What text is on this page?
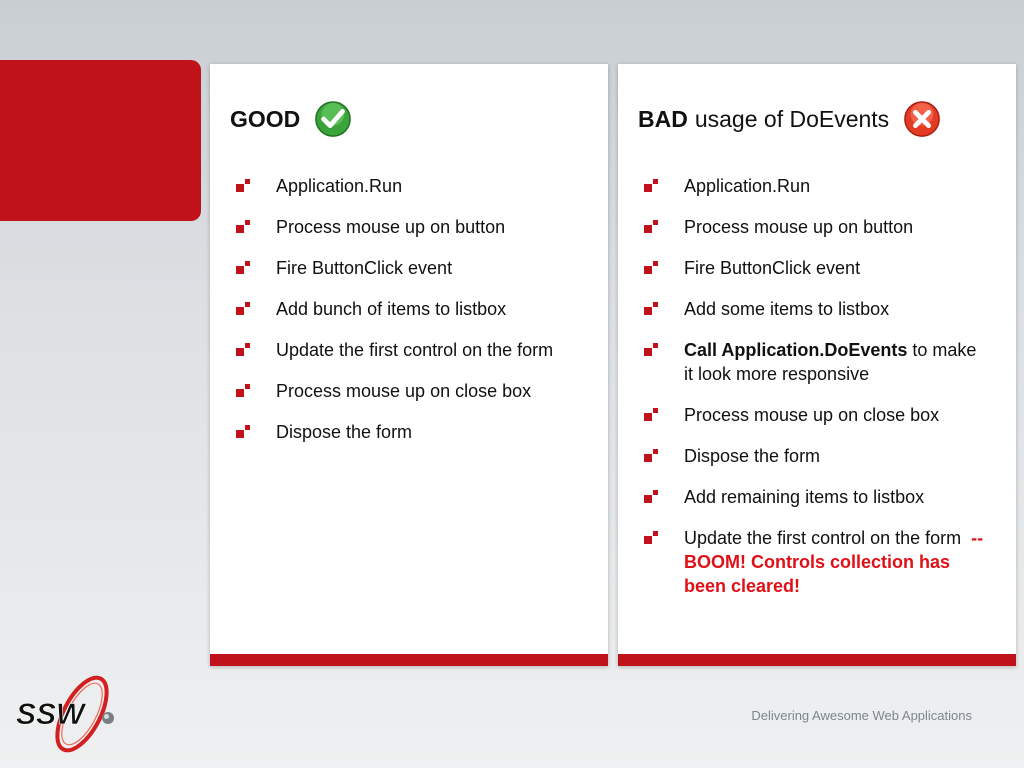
GOOD
Application.Run
Process mouse up on button
Fire ButtonClick event
Add bunch of items to listbox
Update the first control on the form
Process mouse up on close box
Dispose the form
BAD usage of DoEvents
Application.Run
Process mouse up on button
Fire ButtonClick event
Add some items to listbox
Call Application.DoEvents to make it look more responsive
Process mouse up on close box
Dispose the form
Add remaining items to listbox
Update the first control on the form  -- BOOM! Controls collection has been cleared!
SSW	Delivering Awesome Web Applications
